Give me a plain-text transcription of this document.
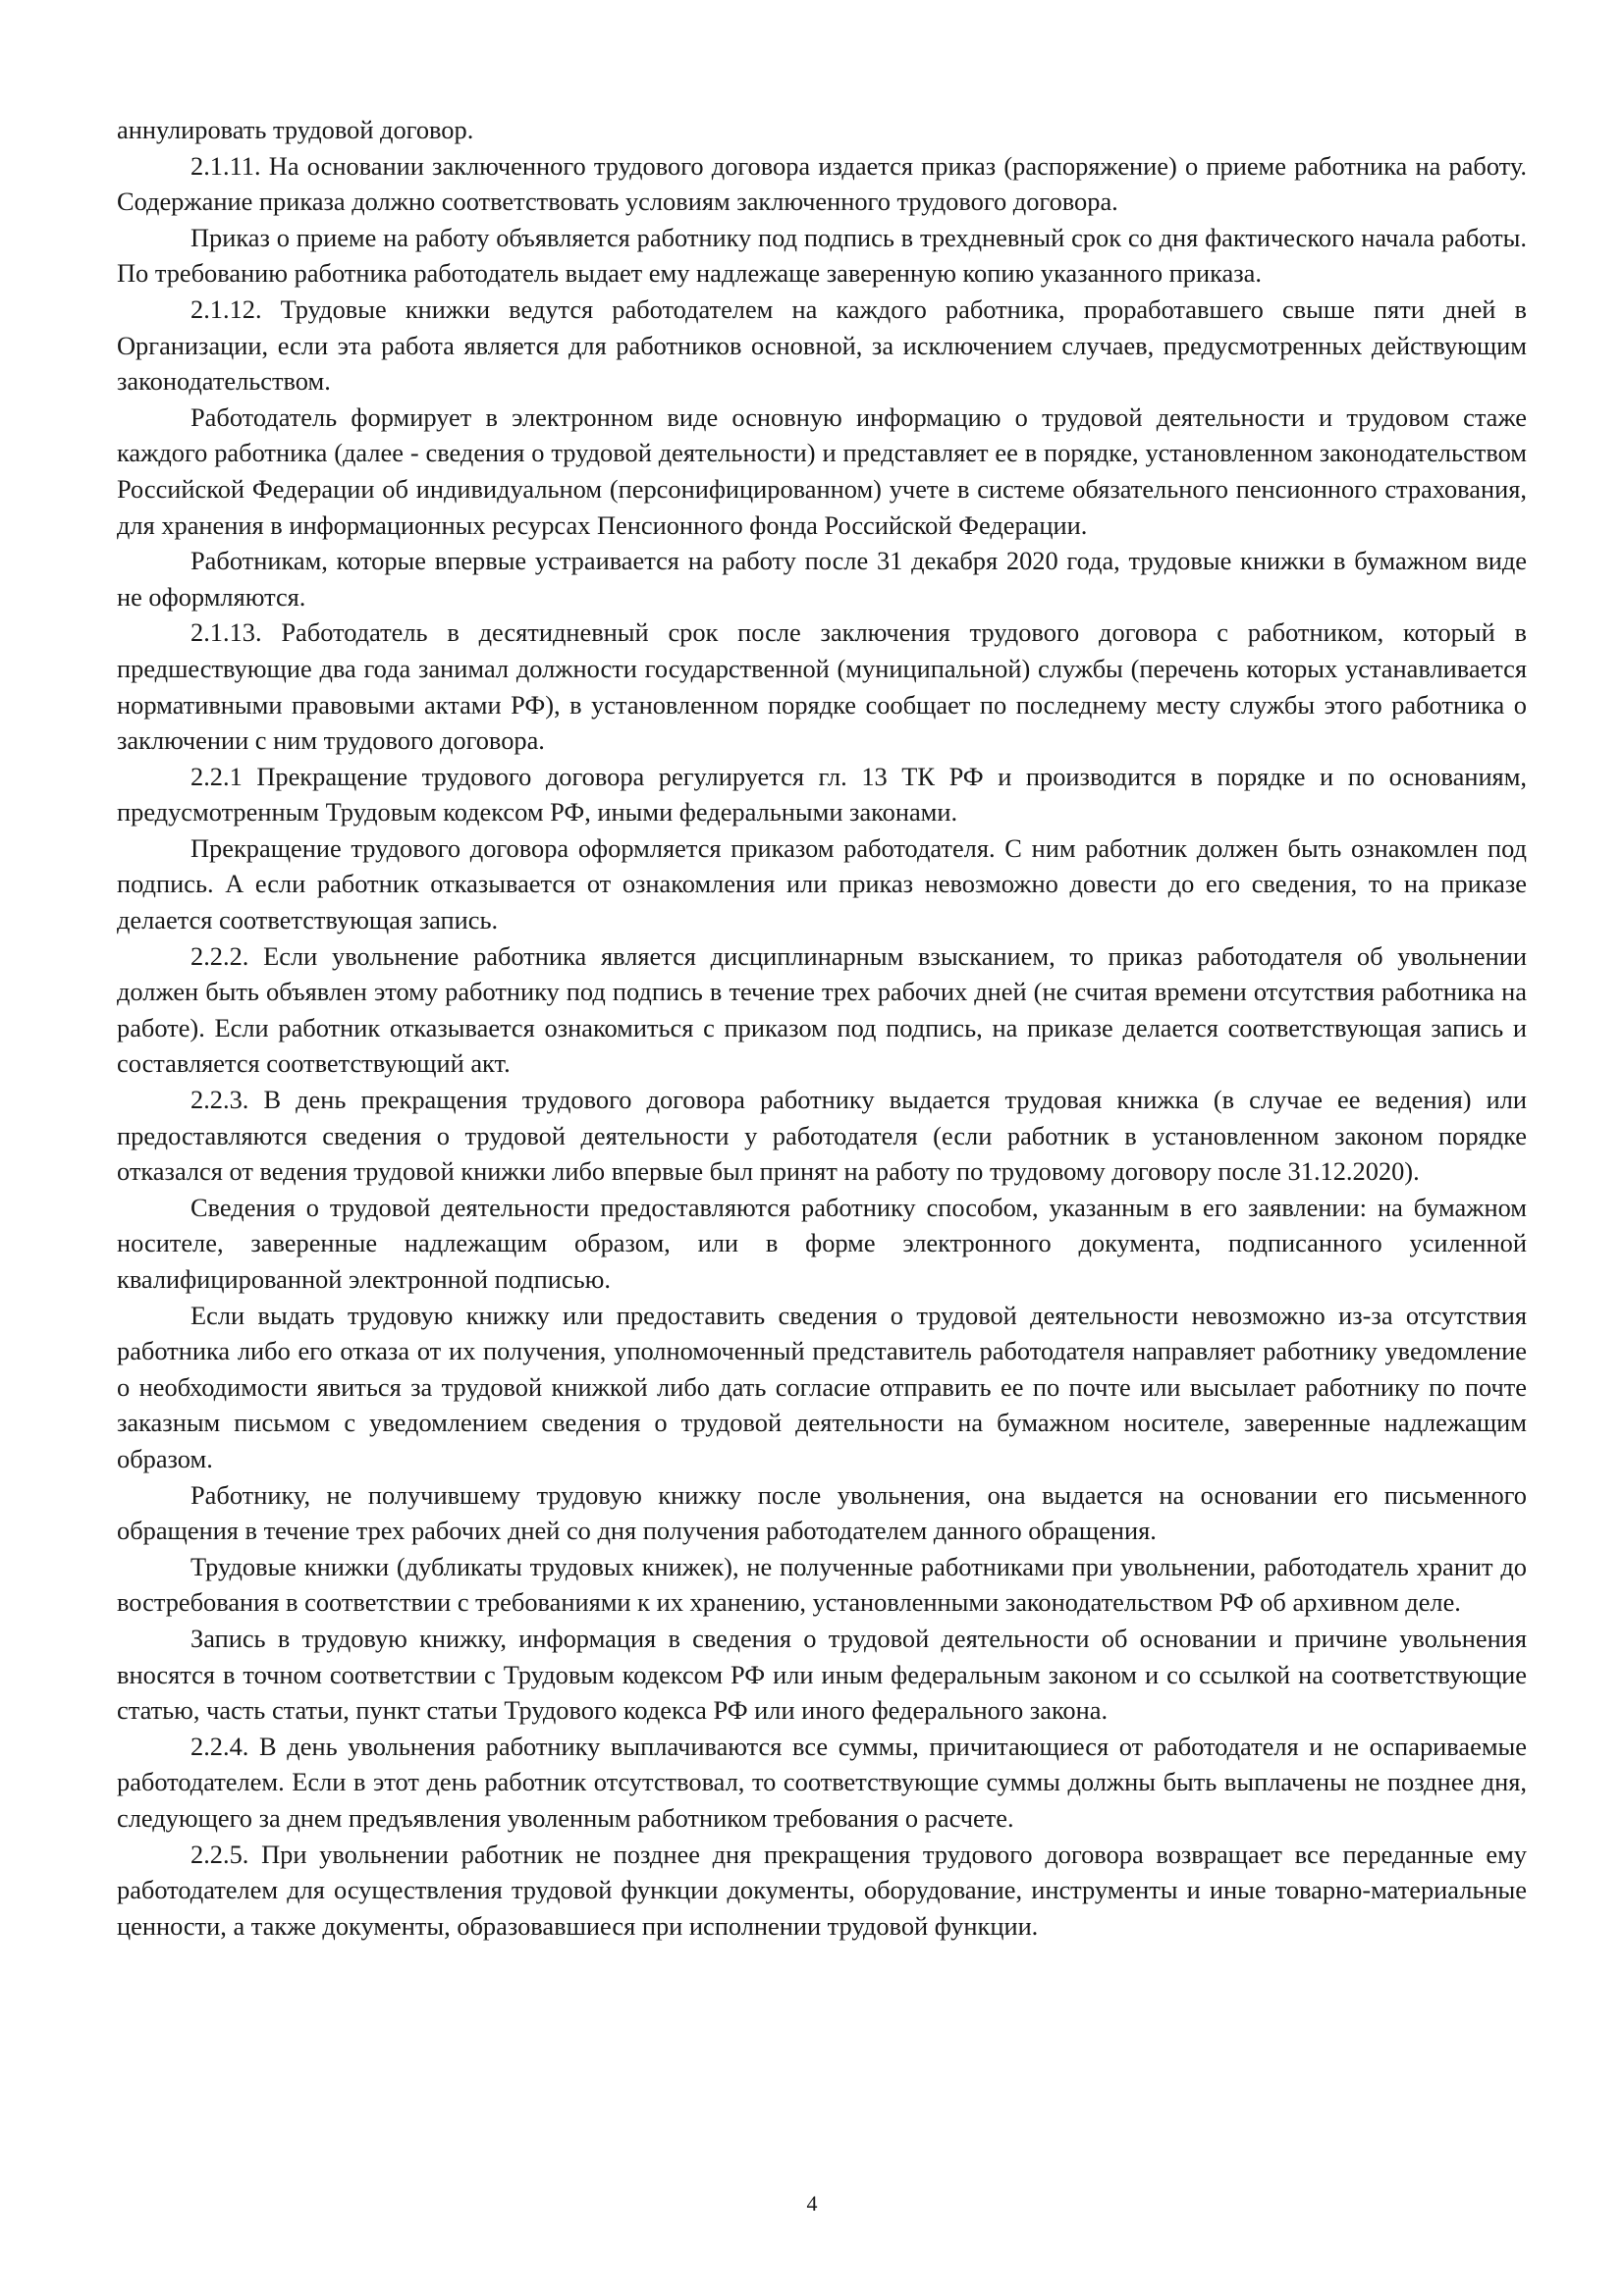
аннулировать трудовой договор.

2.1.11. На основании заключенного трудового договора издается приказ (распоряжение) о приеме работника на работу. Содержание приказа должно соответствовать условиям заключенного трудового договора.

Приказ о приеме на работу объявляется работнику под подпись в трехдневный срок со дня фактического начала работы. По требованию работника работодатель выдает ему надлежаще заверенную копию указанного приказа.

2.1.12. Трудовые книжки ведутся работодателем на каждого работника, проработавшего свыше пяти дней в Организации, если эта работа является для работников основной, за исключением случаев, предусмотренных действующим законодательством.

Работодатель формирует в электронном виде основную информацию о трудовой деятельности и трудовом стаже каждого работника (далее - сведения о трудовой деятельности) и представляет ее в порядке, установленном законодательством Российской Федерации об индивидуальном (персонифицированном) учете в системе обязательного пенсионного страхования, для хранения в информационных ресурсах Пенсионного фонда Российской Федерации.

Работникам, которые впервые устраивается на работу после 31 декабря 2020 года, трудовые книжки в бумажном виде не оформляются.

2.1.13. Работодатель в десятидневный срок после заключения трудового договора с работником, который в предшествующие два года занимал должности государственной (муниципальной) службы (перечень которых устанавливается нормативными правовыми актами РФ), в установленном порядке сообщает по последнему месту службы этого работника о заключении с ним трудового договора.

2.2.1 Прекращение трудового договора регулируется гл. 13 ТК РФ и производится в порядке и по основаниям, предусмотренным Трудовым кодексом РФ, иными федеральными законами.

Прекращение трудового договора оформляется приказом работодателя. С ним работник должен быть ознакомлен под подпись. А если работник отказывается от ознакомления или приказ невозможно довести до его сведения, то на приказе делается соответствующая запись.

2.2.2. Если увольнение работника является дисциплинарным взысканием, то приказ работодателя об увольнении должен быть объявлен этому работнику под подпись в течение трех рабочих дней (не считая времени отсутствия работника на работе). Если работник отказывается ознакомиться с приказом под подпись, на приказе делается соответствующая запись и составляется соответствующий акт.

2.2.3. В день прекращения трудового договора работнику выдается трудовая книжка (в случае ее ведения) или предоставляются сведения о трудовой деятельности у работодателя (если работник в установленном законом порядке отказался от ведения трудовой книжки либо впервые был принят на работу по трудовому договору после 31.12.2020).

Сведения о трудовой деятельности предоставляются работнику способом, указанным в его заявлении: на бумажном носителе, заверенные надлежащим образом, или в форме электронного документа, подписанного усиленной квалифицированной электронной подписью.

Если выдать трудовую книжку или предоставить сведения о трудовой деятельности невозможно из-за отсутствия работника либо его отказа от их получения, уполномоченный представитель работодателя направляет работнику уведомление о необходимости явиться за трудовой книжкой либо дать согласие отправить ее по почте или высылает работнику по почте заказным письмом с уведомлением сведения о трудовой деятельности на бумажном носителе, заверенные надлежащим образом.

Работнику, не получившему трудовую книжку после увольнения, она выдается на основании его письменного обращения в течение трех рабочих дней со дня получения работодателем данного обращения.

Трудовые книжки (дубликаты трудовых книжек), не полученные работниками при увольнении, работодатель хранит до востребования в соответствии с требованиями к их хранению, установленными законодательством РФ об архивном деле.

Запись в трудовую книжку, информация в сведения о трудовой деятельности об основании и причине увольнения вносятся в точном соответствии с Трудовым кодексом РФ или иным федеральным законом и со ссылкой на соответствующие статью, часть статьи, пункт статьи Трудового кодекса РФ или иного федерального закона.

2.2.4. В день увольнения работнику выплачиваются все суммы, причитающиеся от работодателя и не оспариваемые работодателем. Если в этот день работник отсутствовал, то соответствующие суммы должны быть выплачены не позднее дня, следующего за днем предъявления уволенным работником требования о расчете.

2.2.5. При увольнении работник не позднее дня прекращения трудового договора возвращает все переданные ему работодателем для осуществления трудовой функции документы, оборудование, инструменты и иные товарно-материальные ценности, а также документы, образовавшиеся при исполнении трудовой функции.

4
